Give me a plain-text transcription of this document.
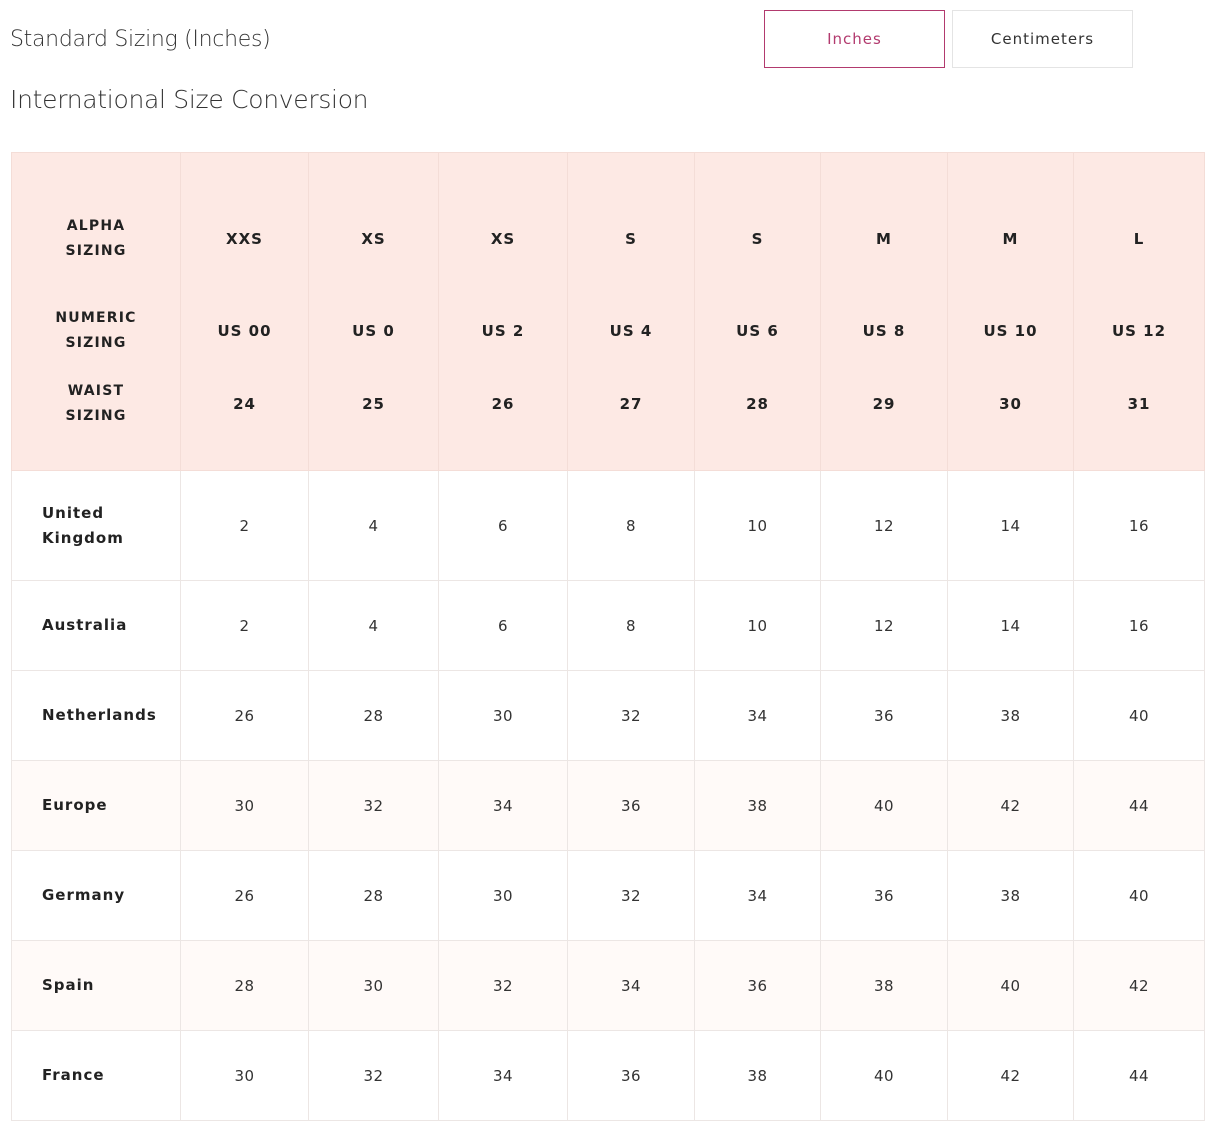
Standard Sizing (Inches)
International Size Conversion
Inches	Centimeters
ALPHA SIZING	XXS	XS	XS	S	S	M	M	L
NUMERIC SIZING	US 00	US 0	US 2	US 4	US 6	US 8	US 10	US 12
WAIST SIZING	24	25	26	27	28	29	30	31
United Kingdom	2	4	6	8	10	12	14	16
Australia	2	4	6	8	10	12	14	16
Netherlands	26	28	30	32	34	36	38	40
Europe	30	32	34	36	38	40	42	44
Germany	26	28	30	32	34	36	38	40
Spain	28	30	32	34	36	38	40	42
France	30	32	34	36	38	40	42	44
